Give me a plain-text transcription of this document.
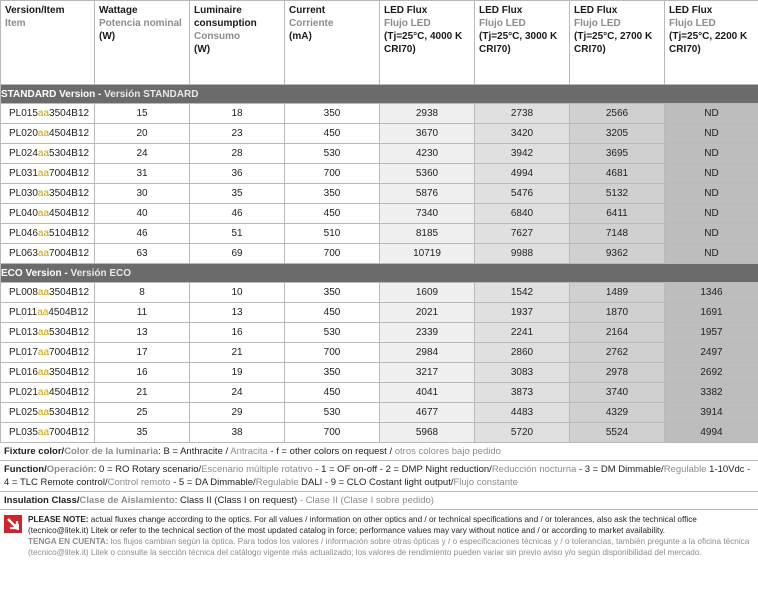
Version/Item
Item	Wattage
Potencia nominal
(W)	Luminaire consumption
Consumo
(W)	Current
Corriente
(mA)	LED Flux
Flujo LED
(Tj=25°C, 4000 K CRI70)	LED Flux
Flujo LED
(Tj=25°C, 3000 K CRI70)	LED Flux
Flujo LED
(Tj=25°C, 2700 K CRI70)	LED Flux
Flujo LED
(Tj=25°C, 2200 K CRI70)

STANDARD Version - Versión STANDARD							
PL015aa3504B12	15	18	350	2938	2738	2566	ND
PL020aa4504B12	20	23	450	3670	3420	3205	ND
PL024aa5304B12	24	28	530	4230	3942	3695	ND
PL031aa7004B12	31	36	700	5360	4994	4681	ND
PL030aa3504B12	30	35	350	5876	5476	5132	ND
PL040aa4504B12	40	46	450	7340	6840	6411	ND
PL046aa5104B12	46	51	510	8185	7627	7148	ND
PL063aa7004B12	63	69	700	10719	9988	9362	ND
ECO Version - Versión ECO							
PL008aa3504B12	8	10	350	1609	1542	1489	1346
PL011aa4504B12	11	13	450	2021	1937	1870	1691
PL013aa5304B12	13	16	530	2339	2241	2164	1957
PL017aa7004B12	17	21	700	2984	2860	2762	2497
PL016aa3504B12	16	19	350	3217	3083	2978	2692
PL021aa4504B12	21	24	450	4041	3873	3740	3382
PL025aa5304B12	25	29	530	4677	4483	4329	3914
PL035aa7004B12	35	38	700	5968	5720	5524	4994
Fixture color/Color de la luminaria: B = Anthracite / Antracita - f = other colors on request / otros colores bajo pedido
Function/Operación: 0 = RO Rotary scenario/Escenario múltiple rotativo - 1 = OF on-off - 2 = DMP Night reduction/Reducción nocturna - 3 = DM Dimmable/Regulable 1-10Vdc - 4 = TLC Remote control/Control remoto - 5 = DA Dimmable/Regulable DALI - 9 = CLO Costant light output/Flujo constante
Insulation Class/Clase de Aislamiento: Class II (Class I on request) - Clase II (Clase I sobre pedido)
PLEASE NOTE: actual fluxes change according to the optics. For all values / information on other optics and / or technical specifications and / or tolerances, also ask the technical office (tecnico@litek.it) Litek or refer to the technical section of the most updated catalog in force; performance values may vary without notice and / or according to market availability.
TENGA EN CUENTA: los flujos cambian según la óptica. Para todos los valores / información sobre otras ópticas y / o especificaciones técnicas y / o tolerancias, también pregunte a la oficina técnica (tecnico@litek.it) Litek o consulte la sección técnica del catálogo vigente más actualizado; los valores de rendimiento pueden variar sin previo aviso y/o según disponibilidad del mercado.
